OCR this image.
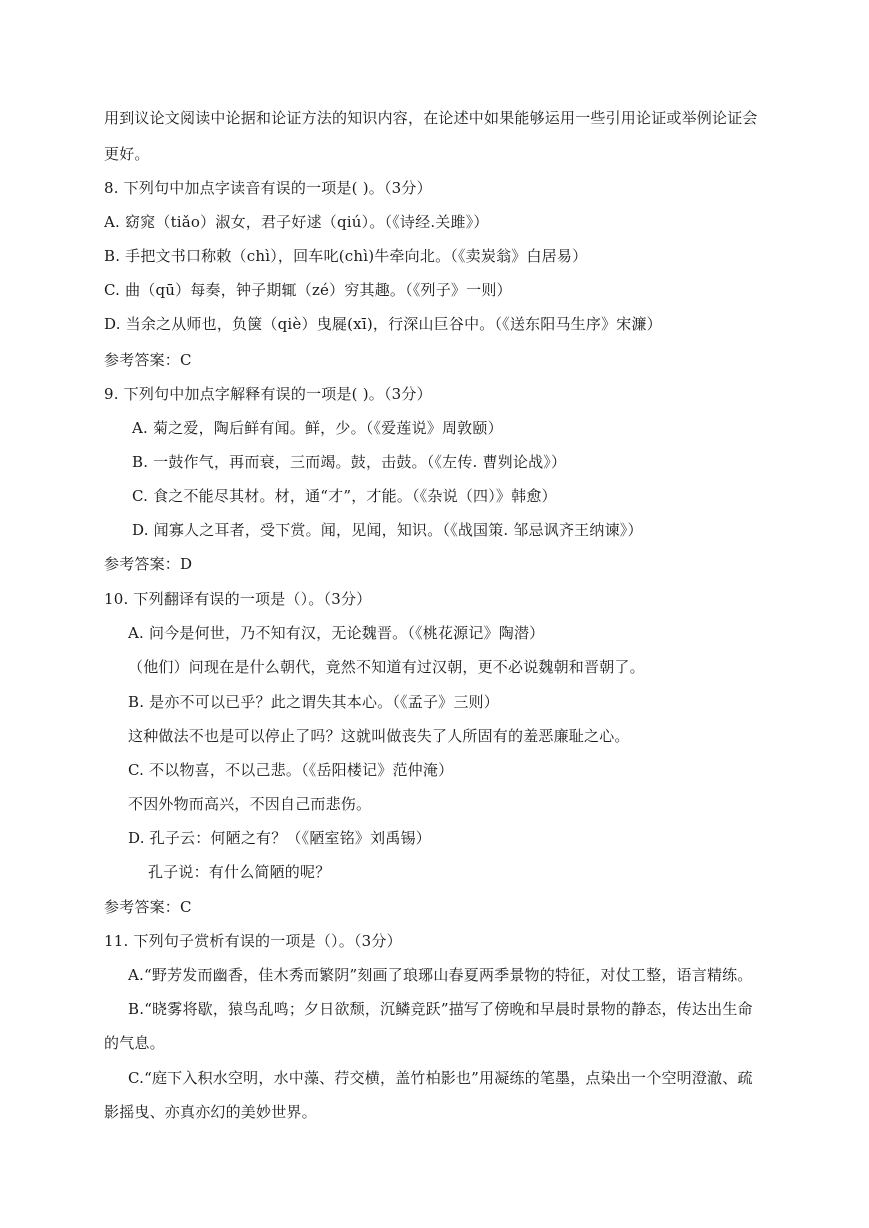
用到议论文阅读中论据和论证方法的知识内容，在论述中如果能够运用一些引用论证或举例论证会
更好。
8. 下列句中加点字读音有误的一项是( )。（3分）
A. 窈窕（tiǎo）淑女，君子好逑（qiú）。（《诗经.关雎》）
B. 手把文书口称敕（chì），回车叱(chì)牛牵向北。（《卖炭翁》白居易）
C. 曲（qū）每奏，钟子期辄（zé）穷其趣。（《列子》一则）
D. 当余之从师也，负箧（qiè）曳屣(xī)，行深山巨谷中。（《送东阳马生序》宋濂）
参考答案：C
9. 下列句中加点字解释有误的一项是( )。（3分）
A. 菊之爱，陶后鲜有闻。鲜，少。（《爱莲说》周敦颐）
B. 一鼓作气，再而衰，三而竭。鼓，击鼓。（《左传. 曹刿论战》）
C. 食之不能尽其材。材，通“才”，才能。（《杂说（四）》韩愈）
D. 闻寡人之耳者，受下赏。闻，见闻，知识。（《战国策. 邹忌讽齐王纳谏》）
参考答案：D
10. 下列翻译有误的一项是（）。（3分）
A. 问今是何世，乃不知有汉，无论魏晋。（《桃花源记》陶潜）
（他们）问现在是什么朝代，竟然不知道有过汉朝，更不必说魏朝和晋朝了。
B. 是亦不可以已乎？此之谓失其本心。（《孟子》三则）
这种做法不也是可以停止了吗？这就叫做丧失了人所固有的羞恶廉耻之心。
C. 不以物喜，不以己悲。（《岳阳楼记》范仲淹）
不因外物而高兴，不因自己而悲伤。
D. 孔子云：何陋之有？（《陋室铭》刘禹锡）
孔子说：有什么简陋的呢？
参考答案：C
11. 下列句子赏析有误的一项是（）。（3分）
A.“野芳发而幽香，佳木秀而繁阴”刻画了琅琊山春夏两季景物的特征，对仗工整，语言精练。
B.“晓雾将歇，猿鸟乱鸣；夕日欲颓，沉鳞竞跃”描写了傍晚和早晨时景物的静态，传达出生命
的气息。
C.“庭下入积水空明，水中藻、荇交横，盖竹柏影也”用凝练的笔墨，点染出一个空明澄澈、疏
影摇曳、亦真亦幻的美妙世界。
